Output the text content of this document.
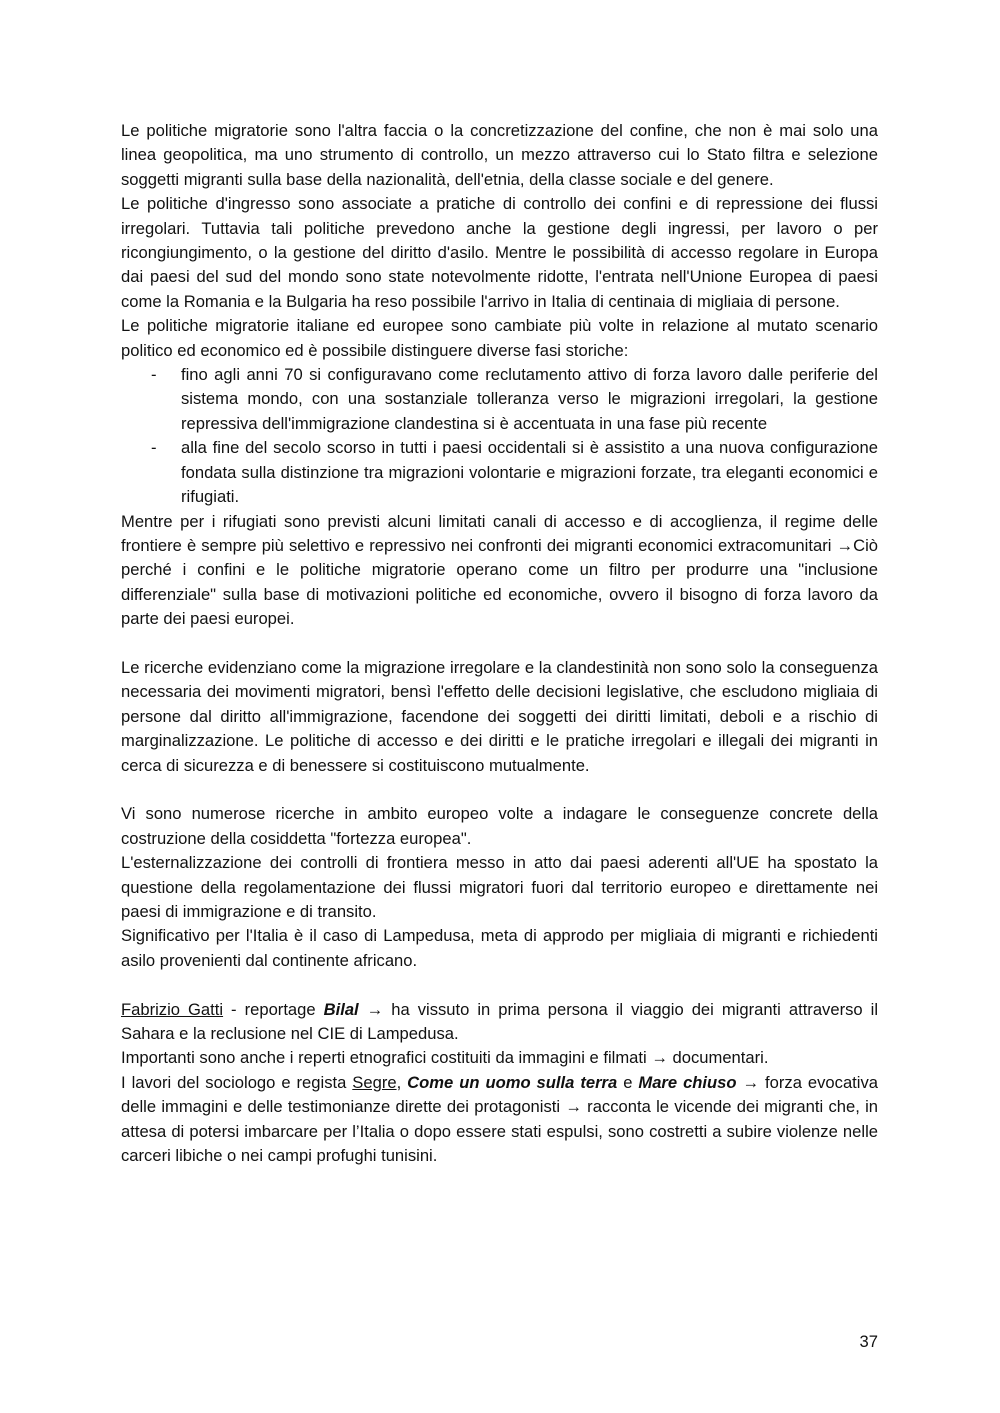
Le politiche migratorie sono l'altra faccia o la concretizzazione del confine, che non è mai solo una linea geopolitica, ma uno strumento di controllo, un mezzo attraverso cui lo Stato filtra e selezione soggetti migranti sulla base della nazionalità, dell'etnia, della classe sociale e del genere.

Le politiche d'ingresso sono associate a pratiche di controllo dei confini e di repressione dei flussi irregolari. Tuttavia tali politiche prevedono anche la gestione degli ingressi, per lavoro o per ricongiungimento, o la gestione del diritto d'asilo. Mentre le possibilità di accesso regolare in Europa dai paesi del sud del mondo sono state notevolmente ridotte, l'entrata nell'Unione Europea di paesi come la Romania e la Bulgaria ha reso possibile l'arrivo in Italia di centinaia di migliaia di persone.

Le politiche migratorie italiane ed europee sono cambiate più volte in relazione al mutato scenario politico ed economico ed è possibile distinguere diverse fasi storiche:

- fino agli anni 70 si configuravano come reclutamento attivo di forza lavoro dalle periferie del sistema mondo, con una sostanziale tolleranza verso le migrazioni irregolari, la gestione repressiva dell'immigrazione clandestina si è accentuata in una fase più recente
- alla fine del secolo scorso in tutti i paesi occidentali si è assistito a una nuova configurazione fondata sulla distinzione tra migrazioni volontarie e migrazioni forzate, tra eleganti economici e rifugiati.

Mentre per i rifugiati sono previsti alcuni limitati canali di accesso e di accoglienza, il regime delle frontiere è sempre più selettivo e repressivo nei confronti dei migranti economici extracomunitari →Ciò perché i confini e le politiche migratorie operano come un filtro per produrre una "inclusione differenziale" sulla base di motivazioni politiche ed economiche, ovvero il bisogno di forza lavoro da parte dei paesi europei.

Le ricerche evidenziano come la migrazione irregolare e la clandestinità non sono solo la conseguenza necessaria dei movimenti migratori, bensì l'effetto delle decisioni legislative, che escludono migliaia di persone dal diritto all'immigrazione, facendone dei soggetti dei diritti limitati, deboli e a rischio di marginalizzazione. Le politiche di accesso e dei diritti e le pratiche irregolari e illegali dei migranti in cerca di sicurezza e di benessere si costituiscono mutualmente.

Vi sono numerose ricerche in ambito europeo volte a indagare le conseguenze concrete della costruzione della cosiddetta "fortezza europea".

L'esternalizzazione dei controlli di frontiera messo in atto dai paesi aderenti all'UE ha spostato la questione della regolamentazione dei flussi migratori fuori dal territorio europeo e direttamente nei paesi di immigrazione e di transito.

Significativo per l'Italia è il caso di Lampedusa, meta di approdo per migliaia di migranti e richiedenti asilo provenienti dal continente africano.

Fabrizio Gatti - reportage Bilal → ha vissuto in prima persona il viaggio dei migranti attraverso il Sahara e la reclusione nel CIE di Lampedusa.

Importanti sono anche i reperti etnografici costituiti da immagini e filmati → documentari.

I lavori del sociologo e regista Segre, Come un uomo sulla terra e Mare chiuso → forza evocativa delle immagini e delle testimonianze dirette dei protagonisti → racconta le vicende dei migranti che, in attesa di potersi imbarcare per l’Italia o dopo essere stati espulsi, sono costretti a subire violenze nelle carceri libiche o nei campi profughi tunisini.

37
